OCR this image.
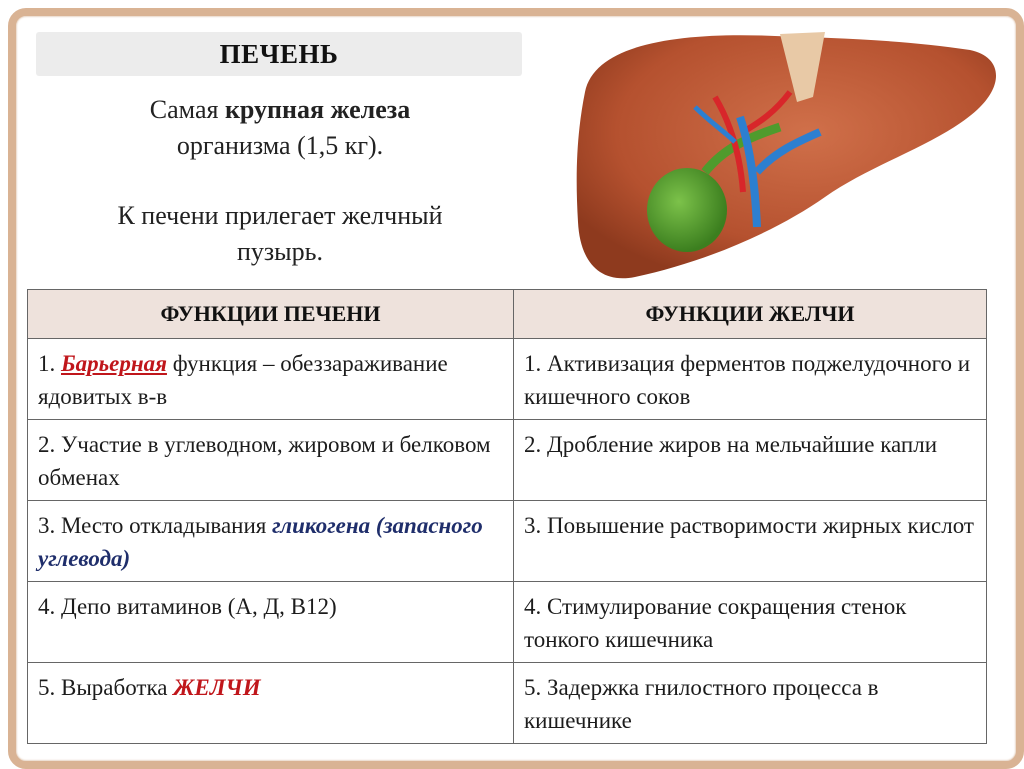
ПЕЧЕНЬ

Самая крупная железа

организма (1,5 кг).

К печени прилегает желчный

пузырь.

ФУНКЦИИ ПЕЧЕНИ	ФУНКЦИИ ЖЕЛЧИ
1. Барьерная функция – обеззараживание ядовитых в-в	1. Активизация ферментов поджелудочного и кишечного соков
2. Участие в углеводном, жировом и белковом обменах	2. Дробление жиров на мельчайшие капли
3. Место откладывания гликогена (запасного углевода)	3. Повышение растворимости жирных кислот
4. Депо витаминов (А, Д, В12)	4. Стимулирование сокращения стенок тонкого кишечника
5. Выработка ЖЕЛЧИ	5. Задержка гнилостного процесса в кишечнике
